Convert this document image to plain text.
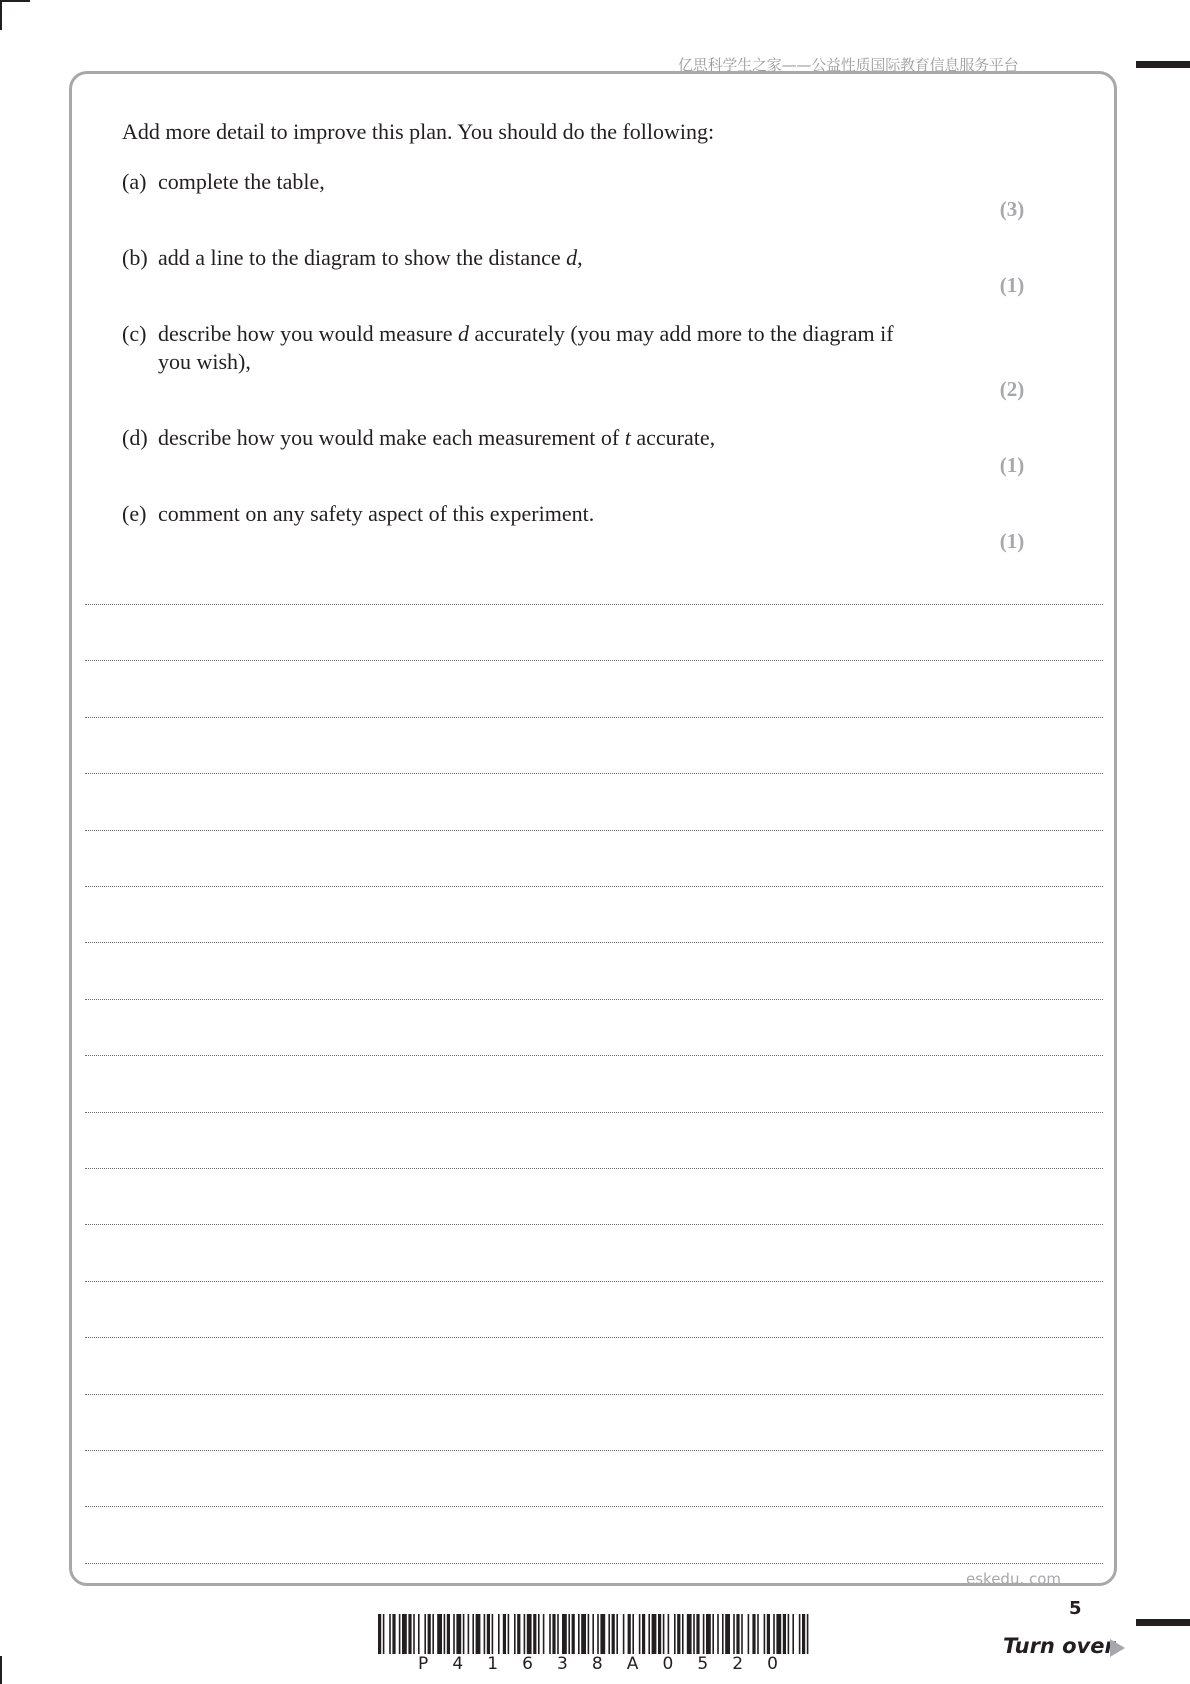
亿思科学生之家——公益性质国际教育信息服务平台
Add more detail to improve this plan. You should do the following:
(a) complete the table,
(3)
(b) add a line to the diagram to show the distance d,
(1)
(c) describe how you would measure d accurately (you may add more to the diagram if
you wish),
(2)
(d) describe how you would make each measurement of t accurate,
(1)
(e) comment on any safety aspect of this experiment.
(1)
eskedu. com
5
P 4 1 6 3 8 A 0 5 2 0
Turn over
